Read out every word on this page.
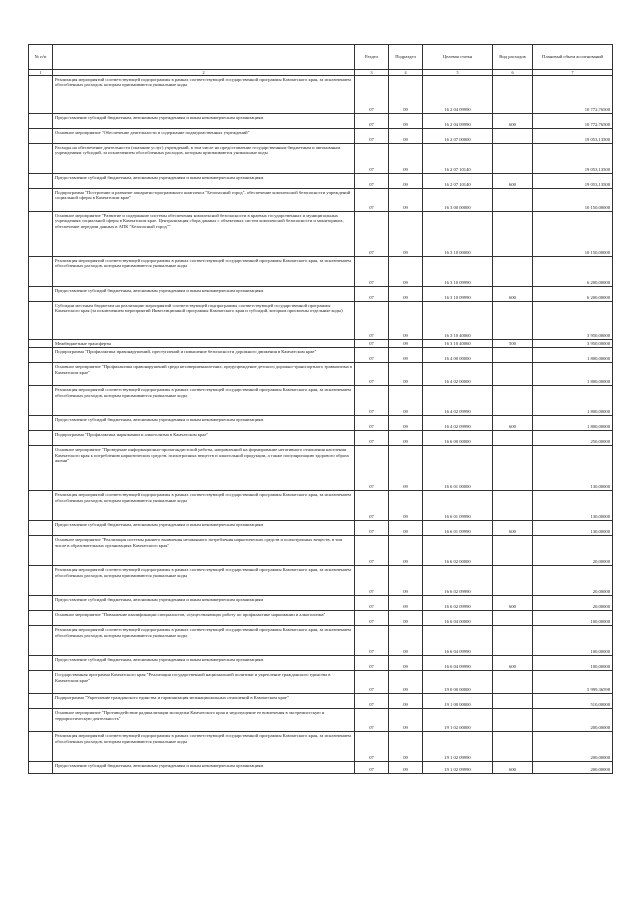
№ п/п		Раздел	Подраздел	Целевая статья	Вид расходов	Плановый объем ассигнований
1	2	3	4	5	6	7
	Реализация мероприятий соответствующей подпрограммы в рамках соответствующей государственной программы Камчатского края, за исключением обособленных расходов, которым присваиваются уникальные коды	07	09	16 2 04 09990		10 772,76500
	Предоставление субсидий бюджетным, автономным учреждениям и иным некоммерческим организациям	07	09	16 2 04 09990	600	10 772,76500
	Основное мероприятие "Обеспечение деятельности и содержание подведомственных учреждений"	07	09	16 2 07 00000		19 053,13500
	Расходы на обеспечение деятельности (оказание услуг) учреждений, в том числе на предоставление государственным бюджетным и автономным учреждениям субсидий, за исключением обособленных расходов, которым присваиваются уникальные коды	07	09	16 2 07 10140		19 053,13500
	Предоставление субсидий бюджетным, автономным учреждениям и иным некоммерческим организациям	07	09	16 2 07 10140	600	19 053,13500
	Подпрограмма "Построение и развитие аппаратно-программного комплекса "Безопасный город", обеспечение комплексной безопасности учреждений социальной сферы в Камчатском крае"	07	09	16 3 00 00000		10 150,00000
	Основное мероприятие "Развитие и содержание системы обеспечения комплексной безопасности в краевых государственных и муниципальных учреждениях социальной сферы в Камчатском крае. Централизация сбора данных с объектовых систем комплексной безопасности и мониторинга, обеспечение передачи данных в АПК "Безопасный город""	07	09	16 3 10 00000		10 150,00000
	Реализация мероприятий соответствующей подпрограммы в рамках соответствующей государственной программы Камчатского края, за исключением обособленных расходов, которым присваиваются уникальные коды	07	09	16 3 10 09990		6 200,00000
	Предоставление субсидий бюджетным, автономным учреждениям и иным некоммерческим организациям	07	09	16 3 10 09990	600	6 200,00000
	Субсидии местным бюджетам на реализацию мероприятий соответствующей подпрограммы соответствующей государственной программы Камчатского края (за исключением мероприятий Инвестиционной программы Камчатского края и субсидий, которым присвоены отдельные коды)	07	09	16 3 10 40060		3 950,00000
	Межбюджетные трансферты	07	09	16 3 10 40060	500	3 950,00000
	Подпрограмма "Профилактика правонарушений, преступлений и повышение безопасности дорожного движения в Камчатском крае"	07	09	16 4 00 00000		1 800,00000
	Основное мероприятие "Профилактика правонарушений среди несовершеннолетних, предупреждение детского дорожно-транспортного травматизма в Камчатском крае"	07	09	16 4 02 00000		1 800,00000
	Реализация мероприятий соответствующей подпрограммы в рамках соответствующей государственной программы Камчатского края, за исключением обособленных расходов, которым присваиваются уникальные коды	07	09	16 4 02 09990		1 800,00000
	Предоставление субсидий бюджетным, автономным учреждениям и иным некоммерческим организациям	07	09	16 4 02 09990	600	1 800,00000
	Подпрограмма "Профилактика наркомании и алкоголизма в Камчатском крае"	07	09	16 6 00 00000		250,00000
	Основное мероприятие "Проведение информационно-пропагандистской работы, направленной на формирование негативного отношения населения Камчатского края к потреблению наркотических средств, психотропных веществ и алкогольной продукции, а также популяризацию здорового образа жизни"	07	09	16 6 01 00000		130,00000
	Реализация мероприятий соответствующей подпрограммы в рамках соответствующей государственной программы Камчатского края, за исключением обособленных расходов, которым присваиваются уникальные коды	07	09	16 6 01 09990		130,00000
	Предоставление субсидий бюджетным, автономным учреждениям и иным некоммерческим организациям	07	09	16 6 01 09990	600	130,00000
	Основное мероприятие "Реализация системы раннего выявления незаконного потребления наркотических средств и психотропных веществ, в том числе в образовательных организациях Камчатского края"	07	09	16 6 02 00000		20,00000
	Реализация мероприятий соответствующей подпрограммы в рамках соответствующей государственной программы Камчатского края, за исключением обособленных расходов, которым присваиваются уникальные коды	07	09	16 6 02 09990		20,00000
	Предоставление субсидий бюджетным, автономным учреждениям и иным некоммерческим организациям	07	09	16 6 02 09990	600	20,00000
	Основное мероприятие "Повышение квалификации специалистов, осуществляющих работу по профилактике наркомании и алкоголизма"	07	09	16 6 04 00000		100,00000
	Реализация мероприятий соответствующей подпрограммы в рамках соответствующей государственной программы Камчатского края, за исключением обособленных расходов, которым присваиваются уникальные коды	07	09	16 6 04 09990		100,00000
	Предоставление субсидий бюджетным, автономным учреждениям и иным некоммерческим организациям	07	09	16 6 04 09990	600	100,00000
	Государственная программа Камчатского края "Реализация государственной национальной политики и укрепление гражданского единства в Камчатском крае"	07	09	19 0 00 00000		5 999,36598
	Подпрограмма "Укрепление гражданского единства и гармонизация межнациональных отношений в Камчатском крае"	07	09	19 1 00 00000		510,00000
	Основное мероприятие "Противодействие радикализации молодежи Камчатского края и недопущение ее вовлечения в экстремистскую и террористическую деятельность"	07	09	19 1 02 00000		200,00000
	Реализация мероприятий соответствующей подпрограммы в рамках соответствующей государственной программы Камчатского края, за исключением обособленных расходов, которым присваиваются уникальные коды	07	09	19 1 02 09990		200,00000
	Предоставление субсидий бюджетным, автономным учреждениям и иным некоммерческим организациям	07	09	19 1 02 09990	600	200,00000
